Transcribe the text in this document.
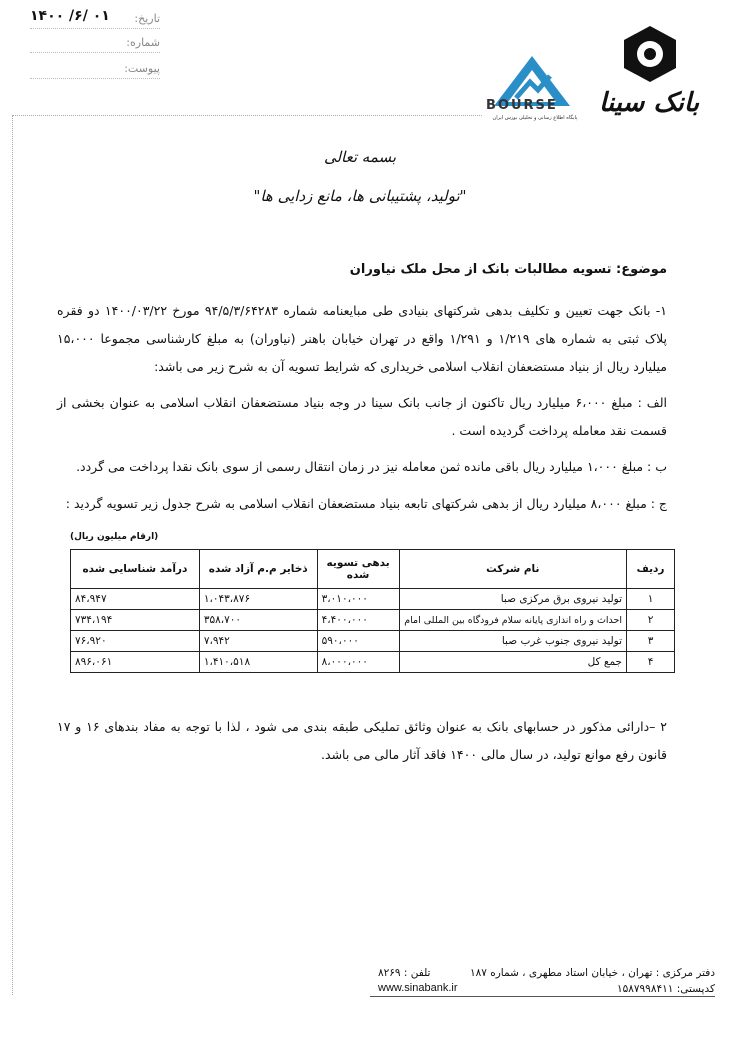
تاریخ:
۱۴۰۰ /۶/ ۰۱
شماره:
پیوست:
BOURSE
پایگاه اطلاع رسانی و تحلیلی بورس ایران بانک سینا
بسمه تعالی
"تولید، پشتیبانی ها، مانع زدایی ها"
موضوع: تسویه مطالبات بانک از محل ملک نیاوران
۱- بانک جهت تعیین و تکلیف بدهی شرکتهای بنیادی طی مبایعنامه شماره ۹۴/۵/۳/۶۴۲۸۳ مورخ ۱۴۰۰/۰۳/۲۲ دو فقره پلاک ثبتی به شماره های ۱/۲۱۹ و ۱/۲۹۱ واقع در تهران خیابان باهنر (نیاوران) به مبلغ کارشناسی مجموعا ۱۵،۰۰۰ میلیارد ریال از بنیاد مستضعفان انقلاب اسلامی خریداری که شرایط تسویه آن به شرح زیر می باشد:
الف : مبلغ ۶،۰۰۰ میلیارد ریال تاکنون از جانب بانک سینا در وجه بنیاد مستضعفان انقلاب اسلامی به عنوان بخشی از قسمت نقد معامله پرداخت گردیده است .
ب : مبلغ ۱،۰۰۰ میلیارد ریال باقی مانده ثمن معامله نیز در زمان انتقال رسمی از سوی بانک نقدا پرداخت می گردد.
ج : مبلغ ۸،۰۰۰ میلیارد ریال از بدهی شرکتهای تابعه بنیاد مستضعفان انقلاب اسلامی به شرح جدول زیر تسویه گردید :
(ارقام میلیون ریال)
ردیف	نام شرکت	بدهی تسویه شده	ذخایر م.م آزاد شده	درآمد شناسایی شده
۱	تولید نیروی برق مرکزی صبا	۳،۰۱۰،۰۰۰	۱،۰۴۳،۸۷۶	۸۴،۹۴۷
۲	احداث و راه اندازی پایانه سلام فرودگاه بین المللی امام	۴،۴۰۰،۰۰۰	۳۵۸،۷۰۰	۷۳۴،۱۹۴
۳	تولید نیروی جنوب غرب صبا	۵۹۰،۰۰۰	۷،۹۴۲	۷۶،۹۲۰
۴	جمع کل	۸،۰۰۰،۰۰۰	۱،۴۱۰،۵۱۸	۸۹۶،۰۶۱
۲ –دارائی مذکور در حسابهای بانک به عنوان وثائق تملیکی طبقه بندی می شود ، لذا با توجه به مفاد بندهای ۱۶ و ۱۷ قانون رفع موانع تولید، در سال مالی ۱۴۰۰ فاقد آثار مالی می باشد.
دفتر مرکزی : تهران ، خیابان استاد مطهری ، شماره ۱۸۷
کدپستی: ۱۵۸۷۹۹۸۴۱۱
تلفن : ۸۲۶۹
www.sinabank.ir
